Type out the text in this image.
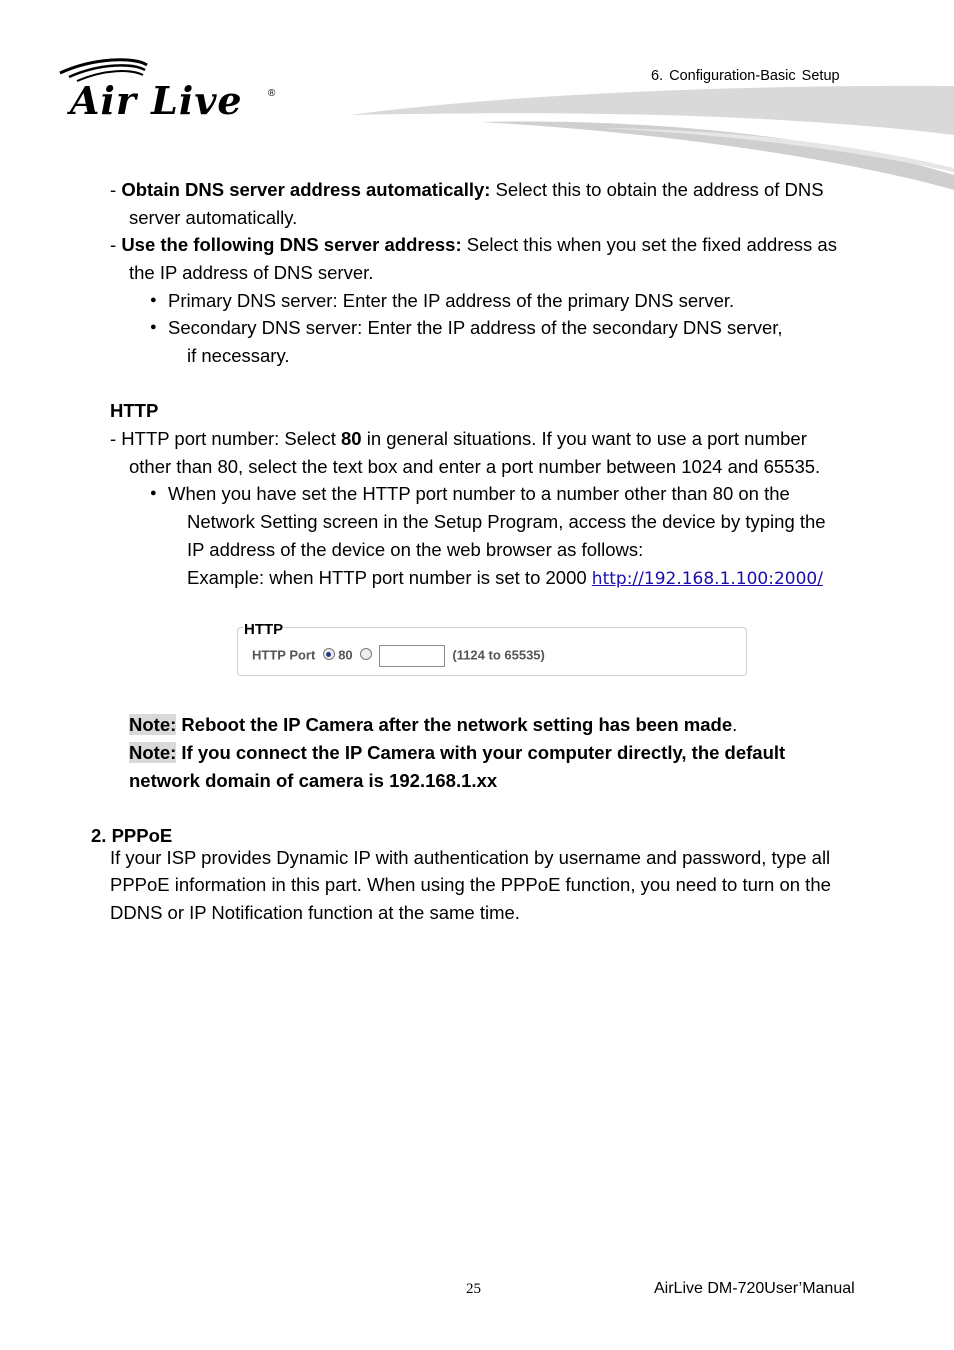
Air Live	®
6. Configuration-Basic Setup
- Obtain DNS server address automatically: Select this to obtain the address of DNS
server automatically.
- Use the following DNS server address: Select this when you set the fixed address as
the IP address of DNS server.
● Primary DNS server: Enter the IP address of the primary DNS server.
● Secondary DNS server: Enter the IP address of the secondary DNS server,
if necessary.
HTTP
- HTTP port number: Select 80 in general situations. If you want to use a port number
other than 80, select the text box and enter a port number between 1024 and 65535.
● When you have set the HTTP port number to a number other than 80 on the
Network Setting screen in the Setup Program, access the device by typing the
IP address of the device on the web browser as follows:
Example: when HTTP port number is set to 2000 http://192.168.1.100:2000/
HTTP
HTTP Port 80	(1124 to 65535)
Note: Reboot the IP Camera after the network setting has been made.
Note: If you connect the IP Camera with your computer directly, the default
network domain of camera is 192.168.1.xx
2. PPPoE
If your ISP provides Dynamic IP with authentication by username and password, type all
PPPoE information in this part. When using the PPPoE function, you need to turn on the
DDNS or IP Notification function at the same time.
25	AirLive DM-720User’Manual
